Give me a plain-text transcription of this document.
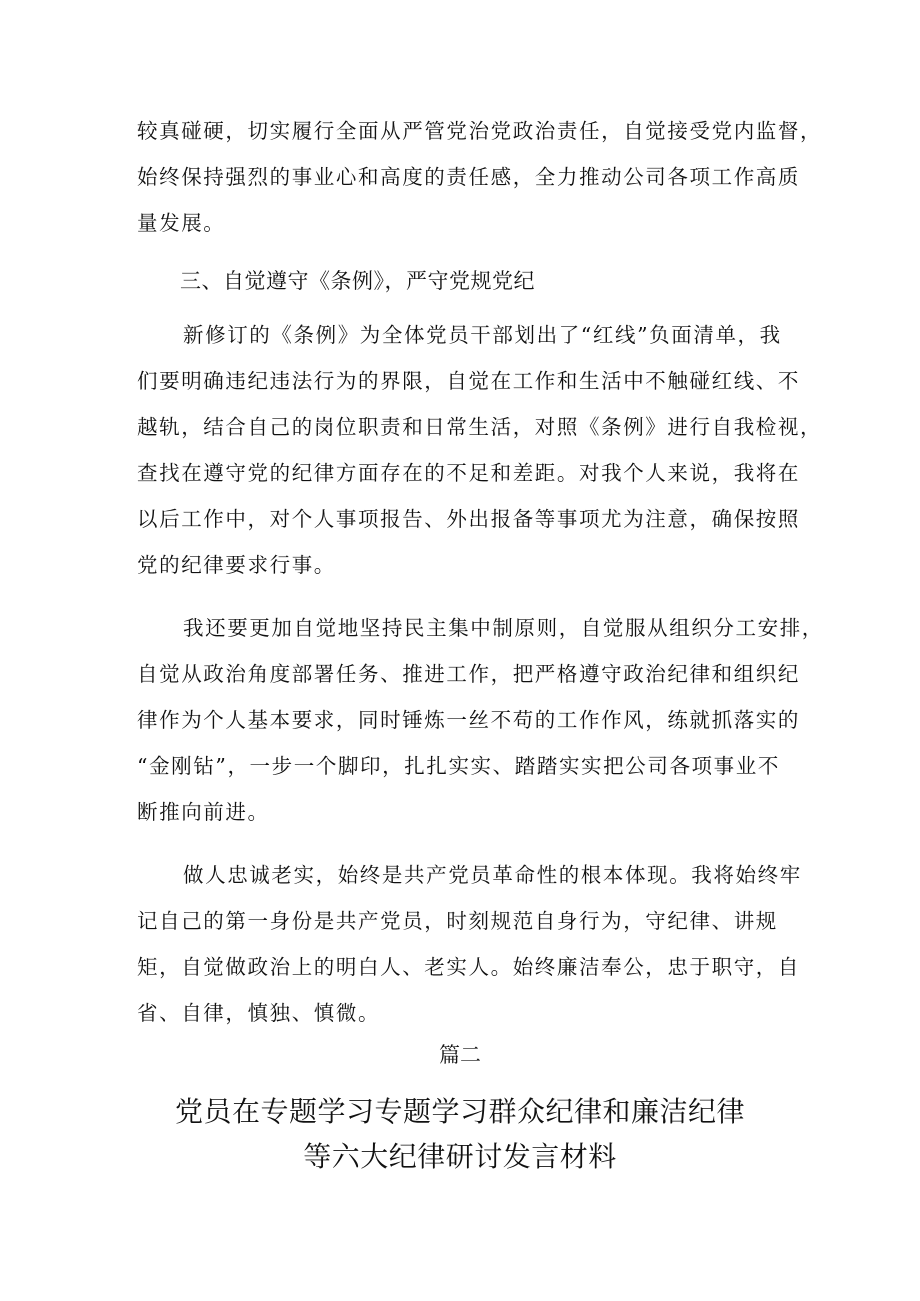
较真碰硬，切实履行全面从严管党治党政治责任，自觉接受党内监督，
始终保持强烈的事业心和高度的责任感，全力推动公司各项工作高质
量发展。
三、自觉遵守《条例》，严守党规党纪
新修订的《条例》为全体党员干部划出了“红线”负面清单，我
们要明确违纪违法行为的界限，自觉在工作和生活中不触碰红线、不
越轨，结合自己的岗位职责和日常生活，对照《条例》进行自我检视，
查找在遵守党的纪律方面存在的不足和差距。对我个人来说，我将在
以后工作中，对个人事项报告、外出报备等事项尤为注意，确保按照
党的纪律要求行事。
我还要更加自觉地坚持民主集中制原则，自觉服从组织分工安排，
自觉从政治角度部署任务、推进工作，把严格遵守政治纪律和组织纪
律作为个人基本要求，同时锤炼一丝不苟的工作作风，练就抓落实的
“金刚钻”，一步一个脚印，扎扎实实、踏踏实实把公司各项事业不
断推向前进。
做人忠诚老实，始终是共产党员革命性的根本体现。我将始终牢
记自己的第一身份是共产党员，时刻规范自身行为，守纪律、讲规
矩，自觉做政治上的明白人、老实人。始终廉洁奉公，忠于职守，自
省、自律，慎独、慎微。
篇二
党员在专题学习专题学习群众纪律和廉洁纪律
等六大纪律研讨发言材料
